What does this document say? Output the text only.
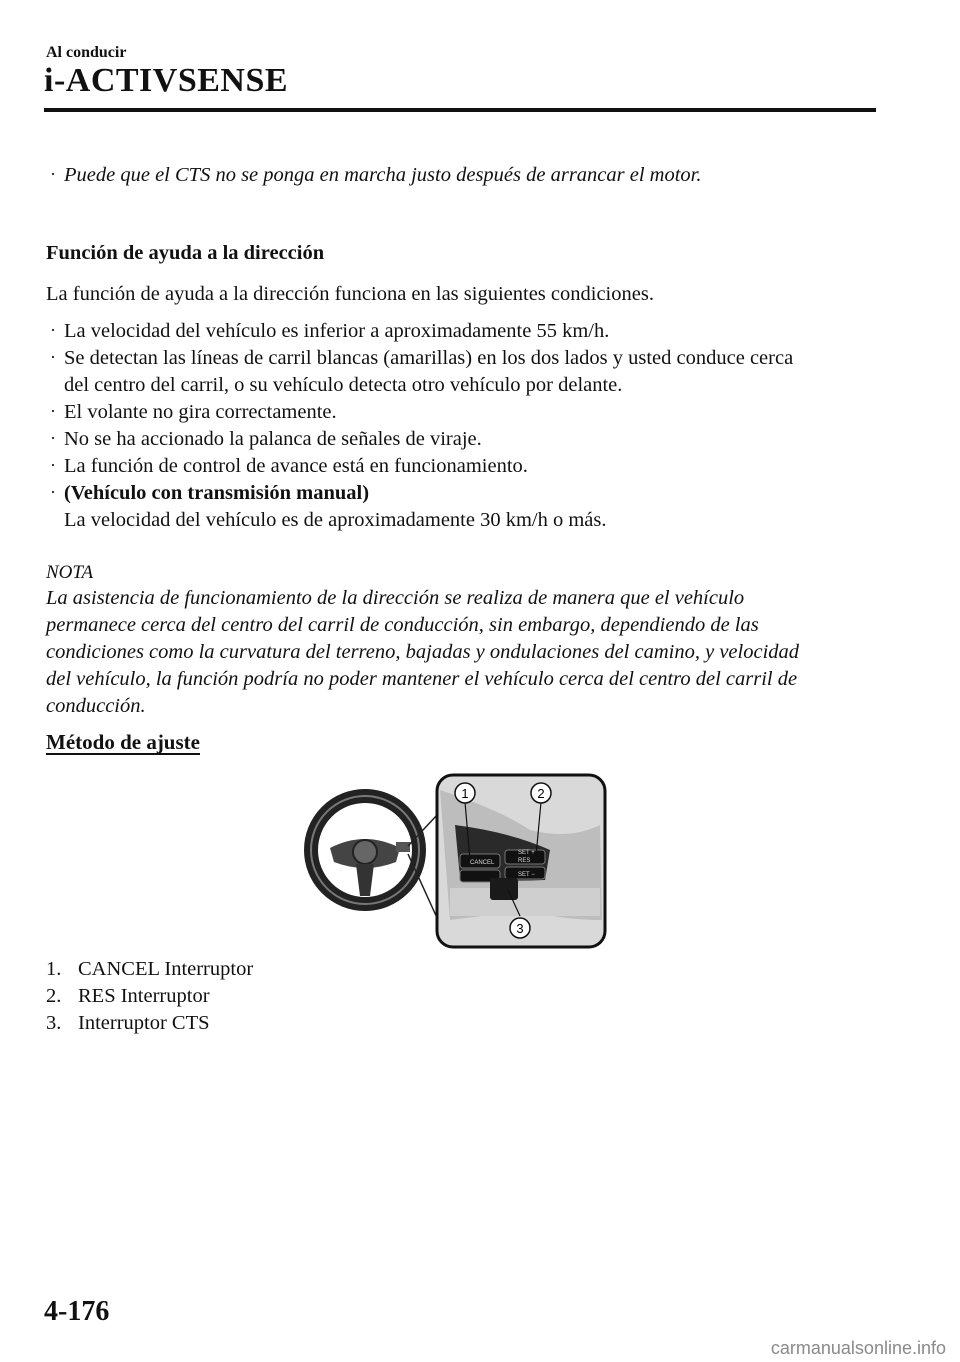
Al conducir
i-ACTIVSENSE
· Puede que el CTS no se ponga en marcha justo después de arrancar el motor.
Función de ayuda a la dirección
La función de ayuda a la dirección funciona en las siguientes condiciones.
· La velocidad del vehículo es inferior a aproximadamente 55 km/h.
· Se detectan las líneas de carril blancas (amarillas) en los dos lados y usted conduce cerca
del centro del carril, o su vehículo detecta otro vehículo por delante.
· El volante no gira correctamente.
· No se ha accionado la palanca de señales de viraje.
· La función de control de avance está en funcionamiento.
· (Vehículo con transmisión manual)
La velocidad del vehículo es de aproximadamente 30 km/h o más.
NOTA
La asistencia de funcionamiento de la dirección se realiza de manera que el vehículo
permanece cerca del centro del carril de conducción, sin embargo, dependiendo de las
condiciones como la curvatura del terreno, bajadas y ondulaciones del camino, y velocidad
del vehículo, la función podría no poder mantener el vehículo cerca del centro del carril de
conducción.
Método de ajuste
CANCEL
SET +
RES
SET −
1	2
3
1. CANCEL Interruptor
2. RES Interruptor
3. Interruptor CTS
4-176
carmanualsonline.info
